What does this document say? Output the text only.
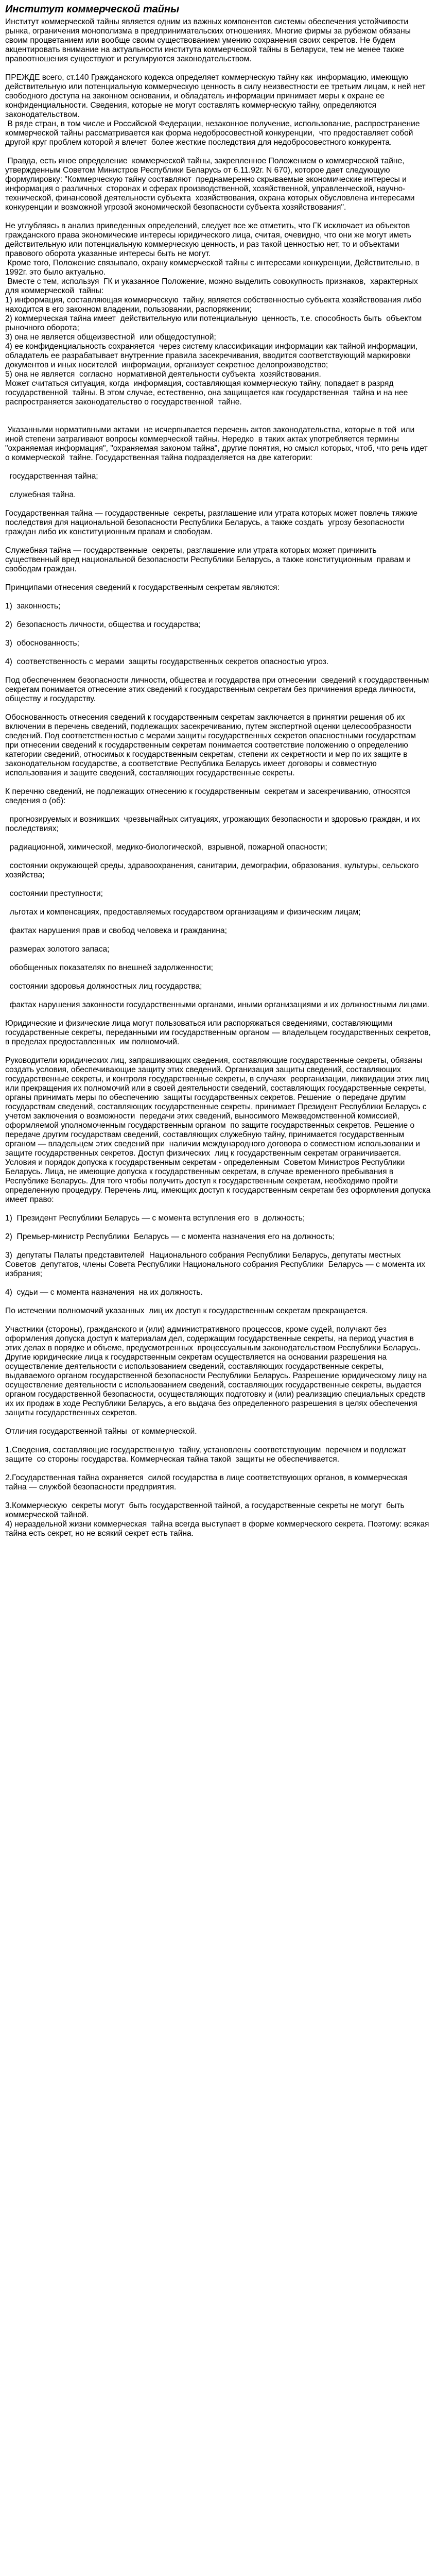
Институт коммерческой тайны

Институт коммерческой тайны является одним из важных компонентов системы обеспечения устойчивости рынка, ограничения монополизма в предпринимательских отношениях. Многие фирмы за рубежом обязаны своим процветанием или вообще своим существованием умению сохранения своих секретов. Не будем акцентировать внимание на актуальности института коммерческой тайны в Беларуси, тем не менее также правоотношения существуют и регулируются законодательством.

ПРЕЖДЕ всего, ст.140 Гражданского кодекса определяет коммерческую тайну как  информацию, имеющую действительную или потенциальную коммерческую ценность в силу неизвестности ее третьим лицам, к ней нет свободного доступа на законном основании, и обладатель информации принимает меры к охране ее конфиденциальности. Сведения, которые не могут составлять коммерческую тайну, определяются законодательством.

В ряде стран, в том числе и Российской Федерации, незаконное получение, использование, распространение коммерческой тайны рассматривается как форма недобросовестной конкуренции,  что предоставляет собой другой круг проблем которой я влечет  более жесткие последствия для недобросовестного конкурента.

Правда, есть иное определение  коммерческой тайны, закрепленное Положением о коммерческой тайне,  утвержденным Советом Министров Республики Беларусь от 6.11.92г. N 670), которое дает следующую формулировку: "Коммерческую тайну составляют  преднамеренно скрываемые экономические интересы и информация о различных  сторонах и сферах производственной, хозяйственной, управленческой, научно-технической, финансовой деятельности субъекта  хозяйствования, охрана которых обусловлена интересами конкуренции и возможной угрозой экономической безопасности субъекта хозяйствования".

Не углубляясь в анализ приведенных определений, следует все же отметить, что ГК исключает из объектов гражданского права экономические интересы юридического лица, считая, очевидно, что они же могут иметь действительную или потенциальную коммерческую ценность, и раз такой ценностью нет, то и объектами правового оборота указанные интересы быть не могут.

Кроме того, Положение связывало, охрану коммерческой тайны с интересами конкуренции, Действительно, в 1992г. это было актуально.

Вместе с тем, используя  ГК и указанное Положение, можно выделить совокупность признаков,  характерных для коммерческой  тайны:

1) информация, составляющая коммерческую  тайну, является собственностью субъекта хозяйствования либо  находится в его законном владении, пользовании, распоряжении;

2) коммерческая тайна имеет  действительную или потенциальную  ценность, т.е. способность быть  объектом рыночного оборота;

3) она не является общеизвестной  или общедоступной;

4) ее конфиденциальность сохраняется  через систему классификации информации как тайной информации, обладатель ее разрабатывает внутренние правила засекречивания, вводится соответствующий маркировки документов и иных носителей  информации, организует секретное делопроизводство;

5) она не является  согласно  нормативной деятельности субъекта  хозяйствования.

Может считаться ситуация, когда  информация, составляющая коммерческую тайну, попадает в разряд государственной  тайны. В этом случае, естественно, она защищается как государственная  тайна и на нее распространяется законодательство о государственной  тайне.

Указанными нормативными актами  не исчерпывается перечень актов законодательства, которые в той  или иной степени затрагивают вопросы коммерческой тайны. Нередко  в таких актах употребляется термины "охраняемая информация", "охраняемая законом тайна", другие понятия, но смысл которых, чтоб, что речь идет о коммерческой  тайне. Государственная тайна подразделяется на две категории:

государственная тайна;

служебная тайна.

Государственная тайна — государственные  секреты, разглашение или утрата которых может повлечь тяжкие последствия для национальной безопасности Республики Беларусь, а также создать  угрозу безопасности граждан либо их конституционным правам и свободам.

Служебная тайна — государственные  секреты, разглашение или утрата которых может причинить существенный вред национальной безопасности Республики Беларусь, а также конституционным  правам и свободам граждан.

Принципами отнесения сведений к государственным секретам являются:

1)  законность;

2)  безопасность личности, общества и государства;

3)  обоснованность;

4)  соответственность с мерами  защиты государственных секретов опасностью угроз.

Под обеспечением безопасности личности, общества и государства при отнесении  сведений к государственным секретам понимается отнесение этих сведений к государственным секретам без причинения вреда личности, обществу и государству.

Обоснованность отнесения сведений к государственным секретам заключается в принятии решения об их включении в перечень сведений, подлежащих засекречиванию, путем экспертной оценки целесообразности сведений. Под соответственностью с мерами защиты государственных секретов опасностными государствам при отнесении сведений к государственным секретам понимается соответствие положению о определению категории сведений, относимых к государственным секретам, степени их секретности и мер по их защите в законодательном государстве, а соответствие Республика Беларусь имеет договоры и совместную использования и защите сведений, составляющих государственные секреты.

К перечню сведений, не подлежащих отнесению к государственным  секретам и засекречиванию, относятся  сведения о (об):

прогнозируемых и возникших  чрезвычайных ситуациях, угрожающих безопасности и здоровью граждан, и их последствиях;

радиационной, химической, медико-биологической,  взрывной, пожарной опасности;

состоянии окружающей среды, здравоохранения, санитарии, демографии, образования, культуры, сельского хозяйства;

состоянии преступности;

льготах и компенсациях, предоставляемых государством организациям и физическим лицам;

фактах нарушения прав и свобод человека и гражданина;

размерах золотого запаса;

обобщенных показателях по внешней задолженности;

состоянии здоровья должностных лиц государства;

фактах нарушения законности государственными органами, иными организациями и их должностными лицами.

Юридические и физические лица могут пользоваться или распоряжаться сведениями, составляющими государственные секреты, переданными им государственным органом — владельцем государственных секретов, в пределах предоставленных  им полномочий.

Руководители юридических лиц, запрашивающих сведения, составляющие государственные секреты, обязаны создать условия, обеспечивающие защиту этих сведений. Организация защиты сведений, составляющих государственные секреты, и контроля государственные секреты, в случаях  реорганизации, ликвидации этих лиц или прекращения их полномочий или в своей деятельности сведений, составляющих государственные секреты, органы принимать меры по обеспечению  защиты государственных секретов. Решение  о передаче другим государствам сведений, составляющих государственные секреты, принимает Президент Республики Беларусь с учетом заключения о возможности  передачи этих сведений, выносимого Межведомственной комиссией, оформляемой уполномоченным государственным органом  по защите государственных секретов. Решение о передаче другим государствам сведений, составляющих служебную тайну, принимается государственным органом — владельцем этих сведений при  наличии международного договора о совместном использовании и защите государственных секретов. Доступ физических  лиц к государственным секретам ограничивается. Условия и порядок допуска к государственным секретам - определенным  Советом Министров Республики Беларусь. Лица, не имеющие допуска к государственным секретам, в случае временного пребывания в Республике Беларусь. Для того чтобы получить доступ к государственным секретам, необходимо пройти определенную процедуру. Перечень лиц, имеющих доступ к государственным секретам без оформления допуска имеет право:

1)  Президент Республики Беларусь — с момента вступления его  в  должность;

2)  Премьер-министр Республики  Беларусь — с момента назначения его на должность;

3)  депутаты Палаты представителей  Национального собрания Республики Беларусь, депутаты местных Советов  депутатов, члены Совета Республики Национального собрания Республики  Беларусь — с момента их избрания;

4)  судьи — с момента назначения  на их должность.

По истечении полномочий указанных  лиц их доступ к государственным секретам прекращается.

Участники (стороны), гражданского и (или) административного процессов, кроме судей, получают без оформления допуска доступ к материалам дел, содержащим государственные секреты, на период участия в этих делах в порядке и объеме, предусмотренных  процессуальным законодательством Республики Беларусь. Другие юридические лица к государственным секретам осуществляется на основании разрешения на осуществление деятельности с использованием сведений, составляющих государственные секреты, выдаваемого органом государственной безопасности Республики Беларусь. Разрешение юридическому лицу на осуществление деятельности с использованием сведений, составляющих государственные секреты, выдается органом государственной безопасности, осуществляющих подготовку и (или) реализацию специальных средств их их продаж в ходе Республики Беларусь, а его выдача без определенного разрешения в целях обеспечения защиты государственных секретов.

Отличия государственной тайны  от коммерческой.

1.Сведения, составляющие государственную  тайну, установлены соответствующим  перечнем и подлежат защите  со стороны государства. Коммерческая тайна такой  защиты не обеспечивается.

2.Государственная тайна охраняется  силой государства в лице соответствующих органов, в коммерческая  тайна — службой безопасности предприятия.

3.Коммерческую  секреты могут  быть государственной тайной, а государственные секреты не могут  быть коммерческой тайной.

4) нераздельной жизни коммерческая  тайна всегда выступает в форме коммерческого секрета. Поэтому: всякая тайна есть секрет, но не всякий секрет есть тайна.
